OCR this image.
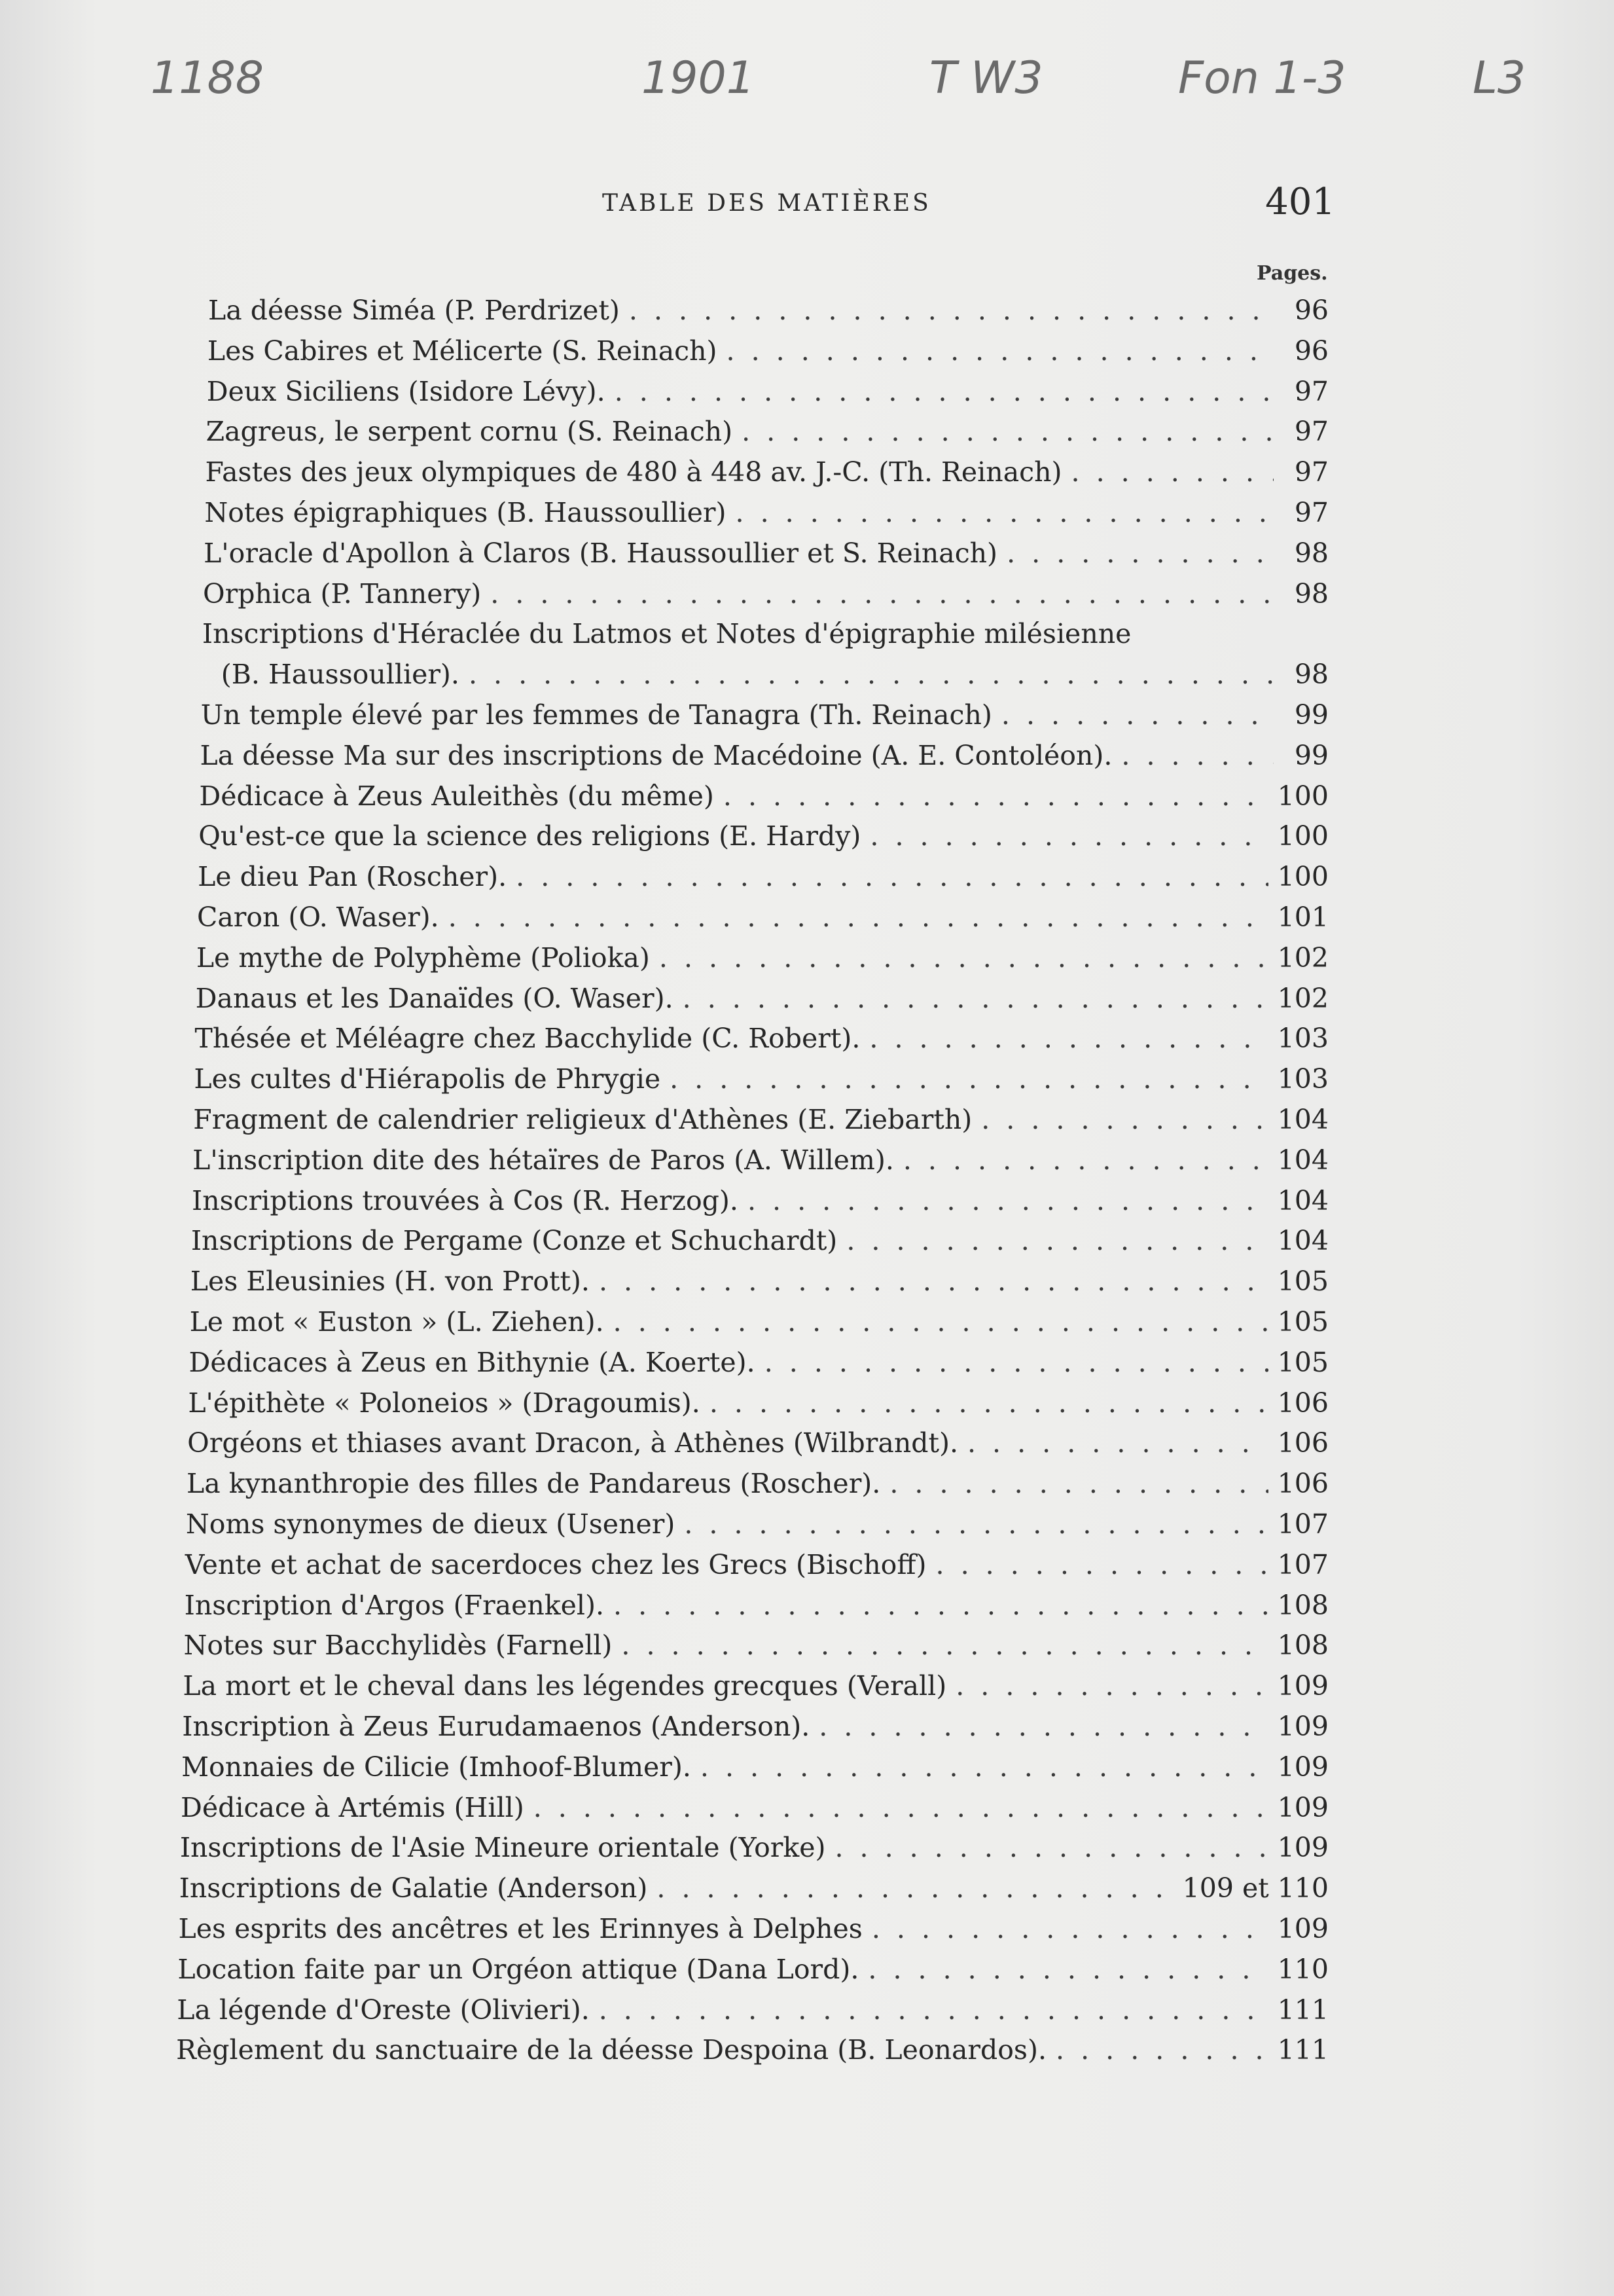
1188	1901	T W3	Fon 1-3	L3
TABLE DES MATIÈRES	401
Pages.
La déesse Siméa (P. Perdrizet) . . .	96
Les Cabires et Mélicerte (S. Reinach) . . .	96
Deux Siciliens (Isidore Lévy). . . .	97
Zagreus, le serpent cornu (S. Reinach) . . .	97
Fastes des jeux olympiques de 480 à 448 av. J.-C. (Th. Reinach) . . .	97
Notes épigraphiques (B. Haussoullier) . . .	97
L'oracle d'Apollon à Claros (B. Haussoullier et S. Reinach) . . .	98
Orphica (P. Tannery) . . .	98
Inscriptions d'Héraclée du Latmos et Notes d'épigraphie milésienne
(B. Haussoullier). . . .	98
Un temple élevé par les femmes de Tanagra (Th. Reinach) . . .	99
La déesse Ma sur des inscriptions de Macédoine (A. E. Contoléon). . . .	99
Dédicace à Zeus Auleithès (du même) . . .	100
Qu'est-ce que la science des religions (E. Hardy) . . .	100
Le dieu Pan (Roscher). . . .	100
Caron (O. Waser). . . .	101
Le mythe de Polyphème (Polioka) . . .	102
Danaus et les Danaïdes (O. Waser). . . .	102
Thésée et Méléagre chez Bacchylide (C. Robert). . . .	103
Les cultes d'Hiérapolis de Phrygie . . .	103
Fragment de calendrier religieux d'Athènes (E. Ziebarth) . . .	104
L'inscription dite des hétaïres de Paros (A. Willem). . . .	104
Inscriptions trouvées à Cos (R. Herzog). . . .	104
Inscriptions de Pergame (Conze et Schuchardt) . . .	104
Les Eleusinies (H. von Prott). . . .	105
Le mot « Euston » (L. Ziehen). . . .	105
Dédicaces à Zeus en Bithynie (A. Koerte). . . .	105
L'épithète « Poloneios » (Dragoumis). . . .	106
Orgéons et thiases avant Dracon, à Athènes (Wilbrandt). . . .	106
La kynanthropie des filles de Pandareus (Roscher). . . .	106
Noms synonymes de dieux (Usener) . . .	107
Vente et achat de sacerdoces chez les Grecs (Bischoff) . . .	107
Inscription d'Argos (Fraenkel). . . .	108
Notes sur Bacchylidès (Farnell) . . .	108
La mort et le cheval dans les légendes grecques (Verall) . . .	109
Inscription à Zeus Eurudamaenos (Anderson). . . .	109
Monnaies de Cilicie (Imhoof-Blumer). . . .	109
Dédicace à Artémis (Hill) . . .	109
Inscriptions de l'Asie Mineure orientale (Yorke) . . .	109
Inscriptions de Galatie (Anderson) . . .	109 et 110
Les esprits des ancêtres et les Erinnyes à Delphes . . .	109
Location faite par un Orgéon attique (Dana Lord). . . .	110
La légende d'Oreste (Olivieri). . . .	111
Règlement du sanctuaire de la déesse Despoina (B. Leonardos). . . .	111
